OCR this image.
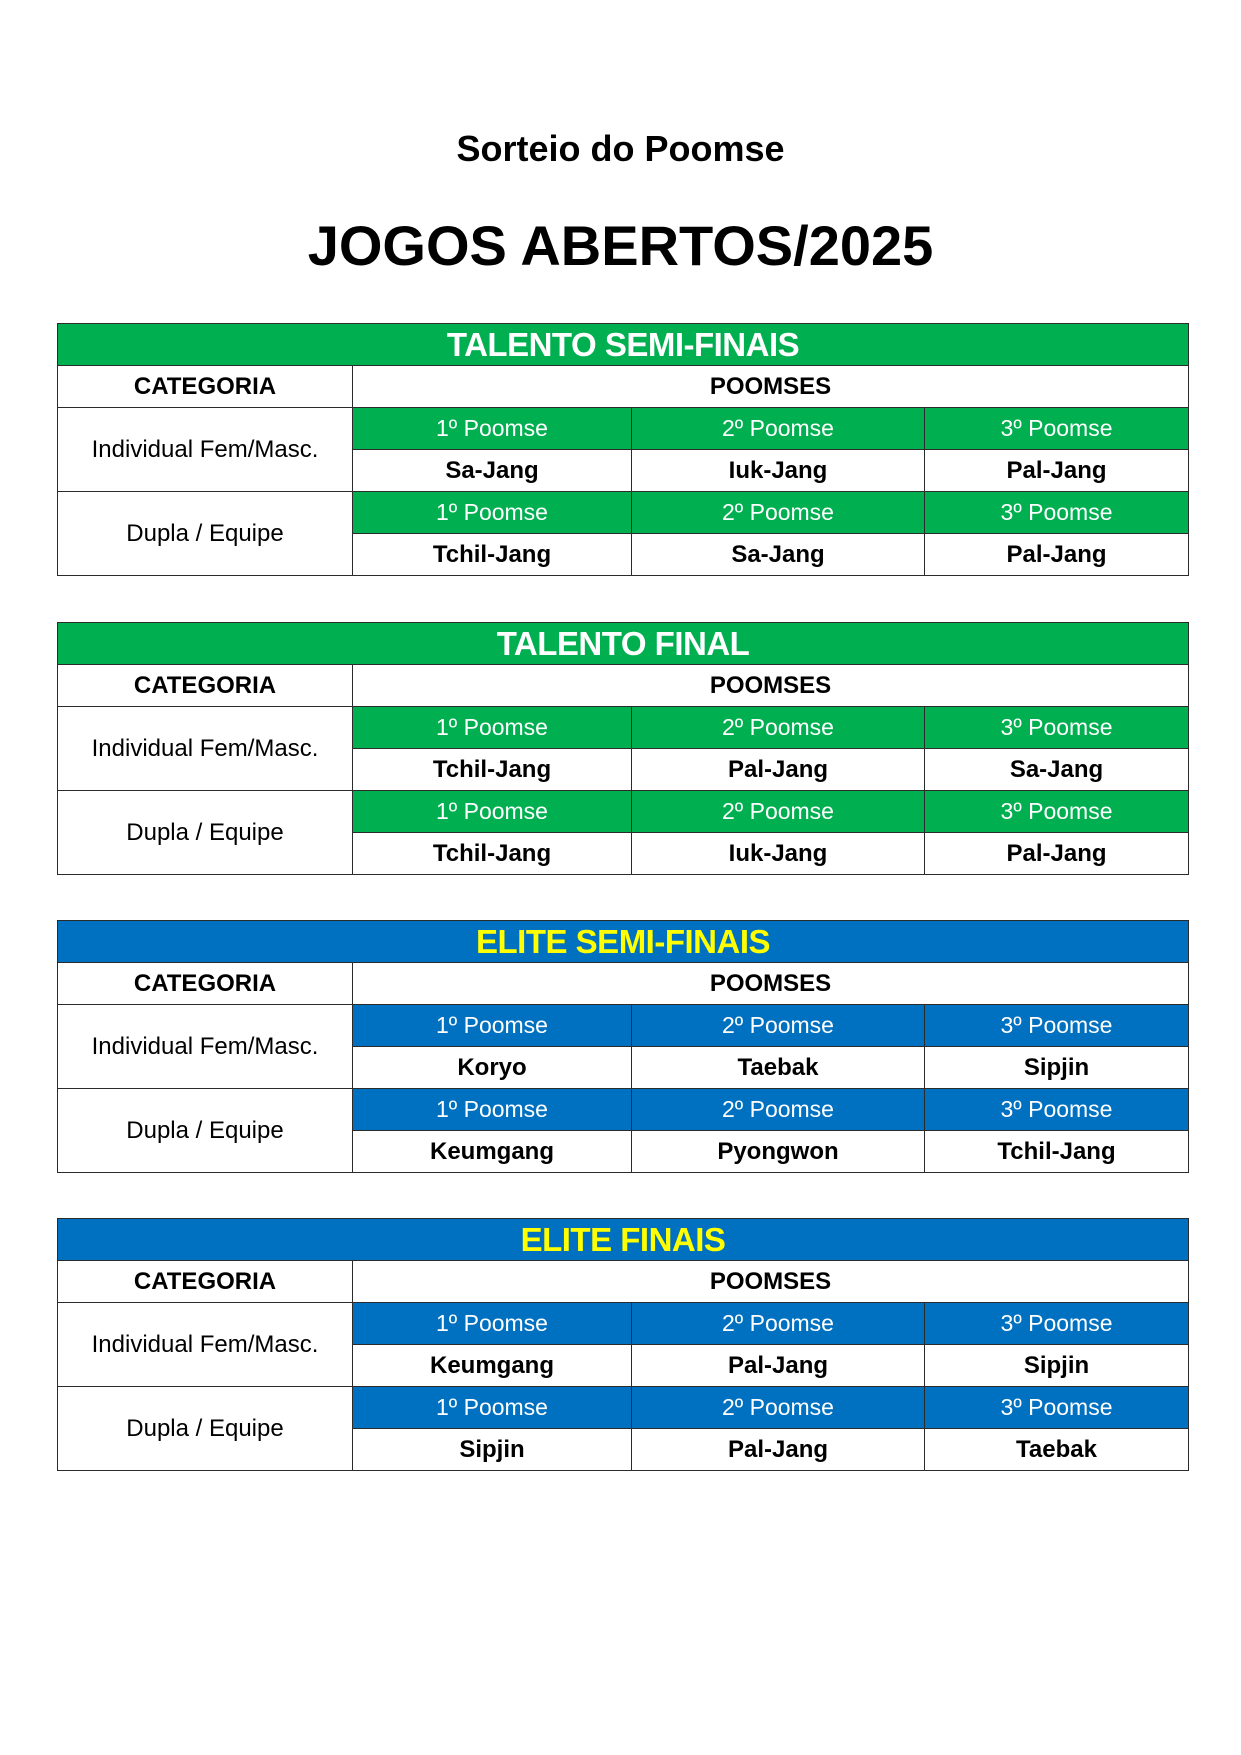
Sorteio do Poomse
JOGOS ABERTOS/2025
TALENTO SEMI-FINAIS			
CATEGORIA	POOMSES		
Individual Fem/Masc.	1º Poomse	2º Poomse	3º Poomse
	Sa-Jang	Iuk-Jang	Pal-Jang
Dupla / Equipe	1º Poomse	2º Poomse	3º Poomse
	Tchil-Jang	Sa-Jang	Pal-Jang
TALENTO FINAL			
CATEGORIA	POOMSES		
Individual Fem/Masc.	1º Poomse	2º Poomse	3º Poomse
	Tchil-Jang	Pal-Jang	Sa-Jang
Dupla / Equipe	1º Poomse	2º Poomse	3º Poomse
	Tchil-Jang	Iuk-Jang	Pal-Jang
ELITE SEMI-FINAIS			
CATEGORIA	POOMSES		
Individual Fem/Masc.	1º Poomse	2º Poomse	3º Poomse
	Koryo	Taebak	Sipjin
Dupla / Equipe	1º Poomse	2º Poomse	3º Poomse
	Keumgang	Pyongwon	Tchil-Jang
ELITE FINAIS			
CATEGORIA	POOMSES		
Individual Fem/Masc.	1º Poomse	2º Poomse	3º Poomse
	Keumgang	Pal-Jang	Sipjin
Dupla / Equipe	1º Poomse	2º Poomse	3º Poomse
	Sipjin	Pal-Jang	Taebak
